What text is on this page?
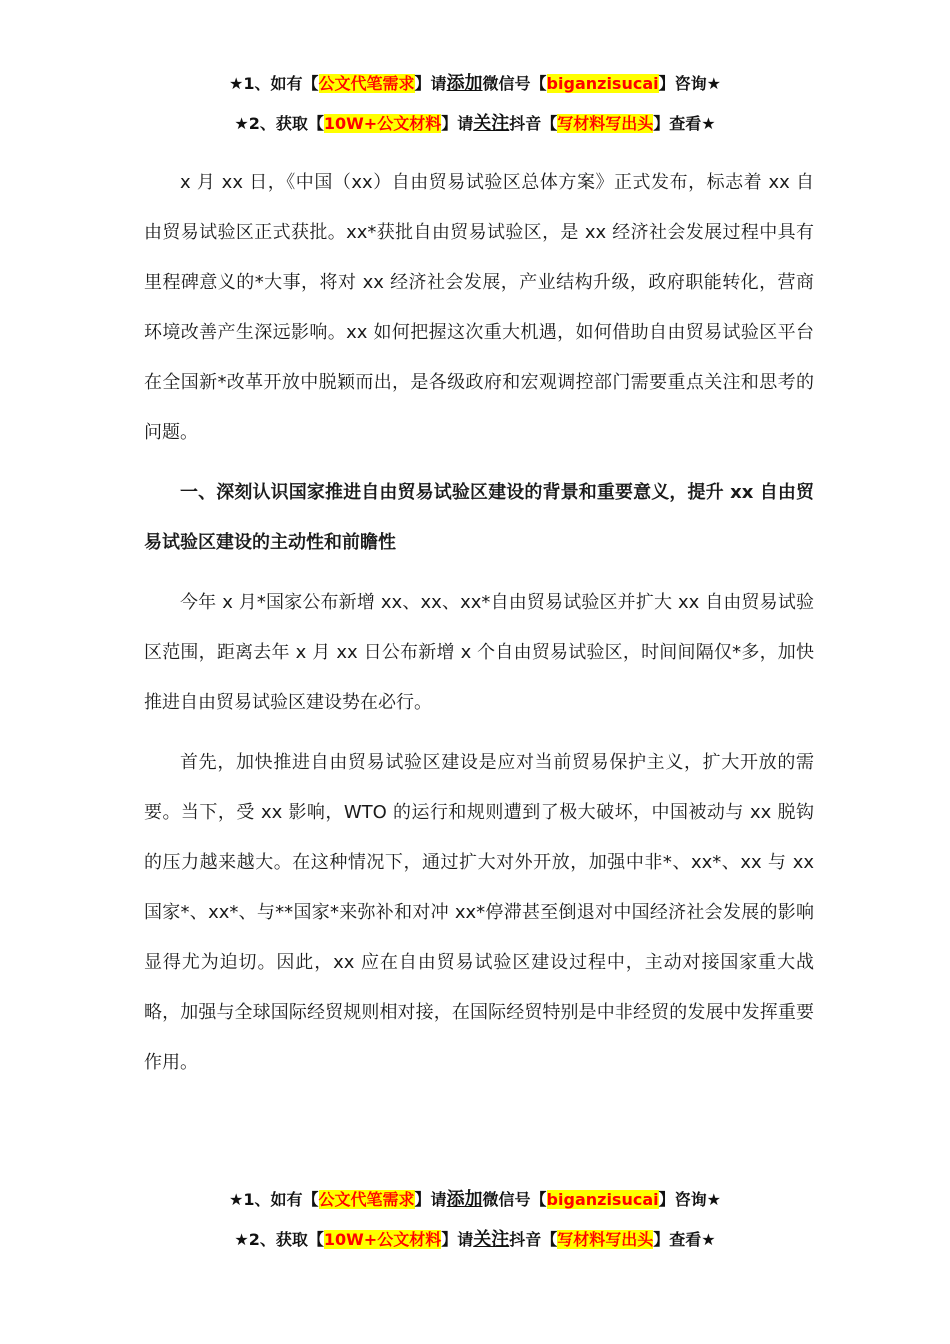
★1、如有【公文代笔需求】请添加微信号【biganzisucai】咨询★
★2、获取【10W+公文材料】请关注抖音【写材料写出头】查看★

x 月 xx 日，《中国（xx）自由贸易试验区总体方案》正式发布，标志着 xx 自由贸易试验区正式获批。xx*获批自由贸易试验区，是 xx 经济社会发展过程中具有里程碑意义的*大事，将对 xx 经济社会发展，产业结构升级，政府职能转化，营商环境改善产生深远影响。xx 如何把握这次重大机遇，如何借助自由贸易试验区平台在全国新*改革开放中脱颖而出，是各级政府和宏观调控部门需要重点关注和思考的问题。

一、深刻认识国家推进自由贸易试验区建设的背景和重要意义，提升 xx 自由贸易试验区建设的主动性和前瞻性

今年 x 月*国家公布新增 xx、xx、xx*自由贸易试验区并扩大 xx 自由贸易试验区范围，距离去年 x 月 xx 日公布新增 x 个自由贸易试验区，时间间隔仅*多，加快推进自由贸易试验区建设势在必行。

首先，加快推进自由贸易试验区建设是应对当前贸易保护主义，扩大开放的需要。当下，受 xx 影响，WTO 的运行和规则遭到了极大破坏，中国被动与 xx 脱钩的压力越来越大。在这种情况下，通过扩大对外开放，加强中非*、xx*、xx 与 xx 国家*、xx*、与**国家*来弥补和对冲 xx*停滞甚至倒退对中国经济社会发展的影响显得尤为迫切。因此，xx 应在自由贸易试验区建设过程中，主动对接国家重大战略，加强与全球国际经贸规则相对接，在国际经贸特别是中非经贸的发展中发挥重要作用。

★1、如有【公文代笔需求】请添加微信号【biganzisucai】咨询★
★2、获取【10W+公文材料】请关注抖音【写材料写出头】查看★
